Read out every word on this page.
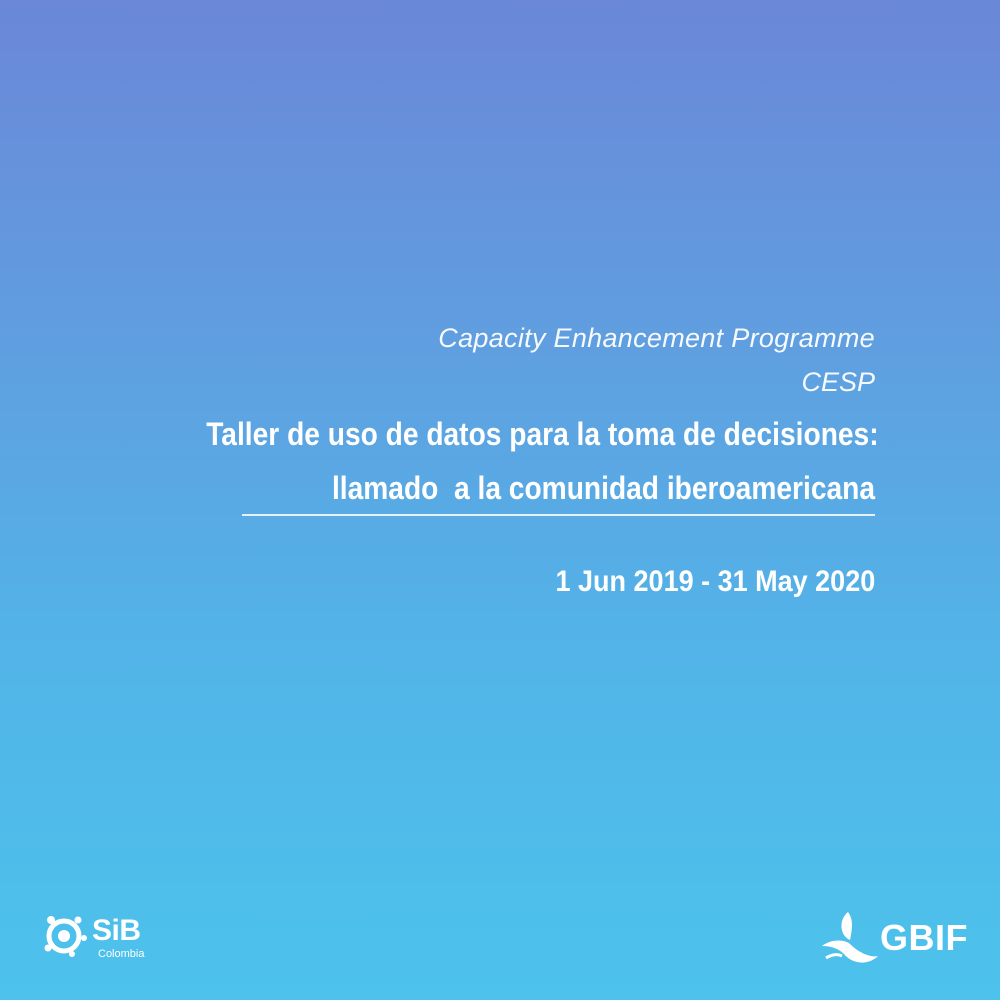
Capacity Enhancement Programme
CESP
Taller de uso de datos para la toma de decisiones:
llamado  a la comunidad iberoamericana
1 Jun 2019 - 31 May 2020
SiB
Colombia	GBIF
